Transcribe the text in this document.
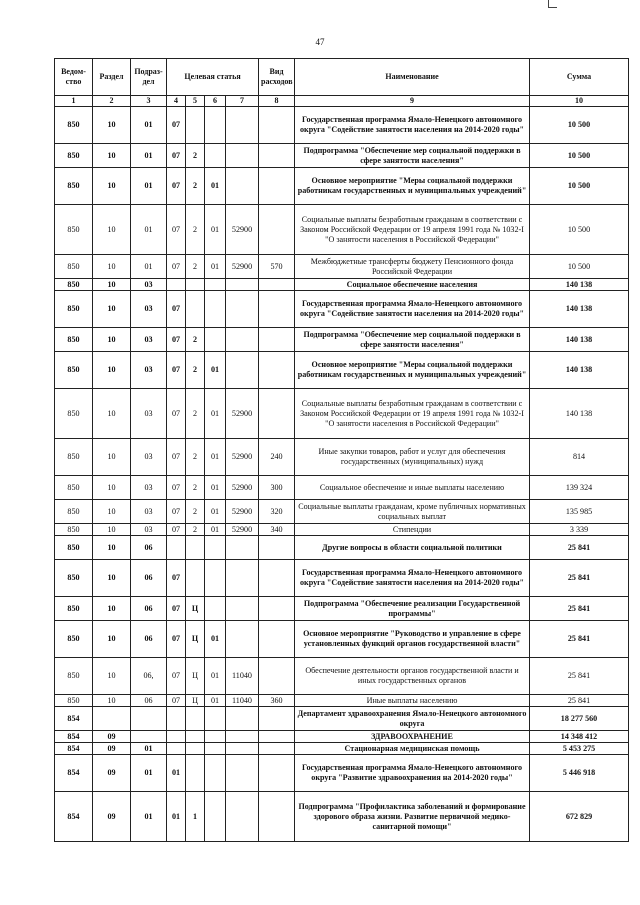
47
Ведом-ство	Раздел	Подраз-дел	Целевая статья				Вид расходов	Наименование	Сумма
1	2	3	4	5	6	7	8	9	10
850	10	01	07					Государственная программа Ямало-Ненецкого автономного округа "Содействие занятости населения на 2014-2020 годы"	10 500
850	10	01	07	2				Подпрограмма "Обеспечение мер социальной поддержки в сфере занятости населения"	10 500
850	10	01	07	2	01			Основное мероприятие "Меры социальной поддержки работникам государственных и муниципальных учреждений"	10 500
850	10	01	07	2	01	52900		Социальные выплаты безработным гражданам в соответствии с Законом Российской Федерации от 19 апреля 1991 года № 1032-I "О занятости населения в Российской Федерации"	10 500
850	10	01	07	2	01	52900	570	Межбюджетные трансферты бюджету Пенсионного фонда Российской Федерации	10 500
850	10	03						Социальное обеспечение населения	140 138
850	10	03	07					Государственная программа Ямало-Ненецкого автономного округа "Содействие занятости населения на 2014-2020 годы"	140 138
850	10	03	07	2				Подпрограмма "Обеспечение мер социальной поддержки в сфере занятости населения"	140 138
850	10	03	07	2	01			Основное мероприятие "Меры социальной поддержки работникам государственных и муниципальных учреждений"	140 138
850	10	03	07	2	01	52900		Социальные выплаты безработным гражданам в соответствии с Законом Российской Федерации от 19 апреля 1991 года № 1032-I "О занятости населения в Российской Федерации"	140 138
850	10	03	07	2	01	52900	240	Иные закупки товаров, работ и услуг для обеспечения государственных (муниципальных) нужд	814
850	10	03	07	2	01	52900	300	Социальное обеспечение и иные выплаты населению	139 324
850	10	03	07	2	01	52900	320	Социальные выплаты гражданам, кроме публичных нормативных социальных выплат	135 985
850	10	03	07	2	01	52900	340	Стипендии	3 339
850	10	06						Другие вопросы в области социальной политики	25 841
850	10	06	07					Государственная программа Ямало-Ненецкого автономного округа "Содействие занятости населения на 2014-2020 годы"	25 841
850	10	06	07	Ц				Подпрограмма "Обеспечение реализации Государственной программы"	25 841
850	10	06	07	Ц	01			Основное мероприятие "Руководство и управление в сфере установленных функций органов государственной власти"	25 841
850	10	06,	07	Ц	01	11040		Обеспечение деятельности органов государственной власти и иных государственных органов	25 841
850	10	06	07	Ц	01	11040	360	Иные выплаты населению	25 841
854								Департамент здравоохранения Ямало-Ненецкого автономного округа	18 277 560
854	09							ЗДРАВООХРАНЕНИЕ	14 348 412
854	09	01						Стационарная медицинская помощь	5 453 275
854	09	01	01					Государственная программа Ямало-Ненецкого автономного округа "Развитие здравоохранения на 2014-2020 годы"	5 446 918
854	09	01	01	1				Подпрограмма "Профилактика заболеваний и формирование здорового образа жизни. Развитие первичной медико-санитарной помощи"	672 829
